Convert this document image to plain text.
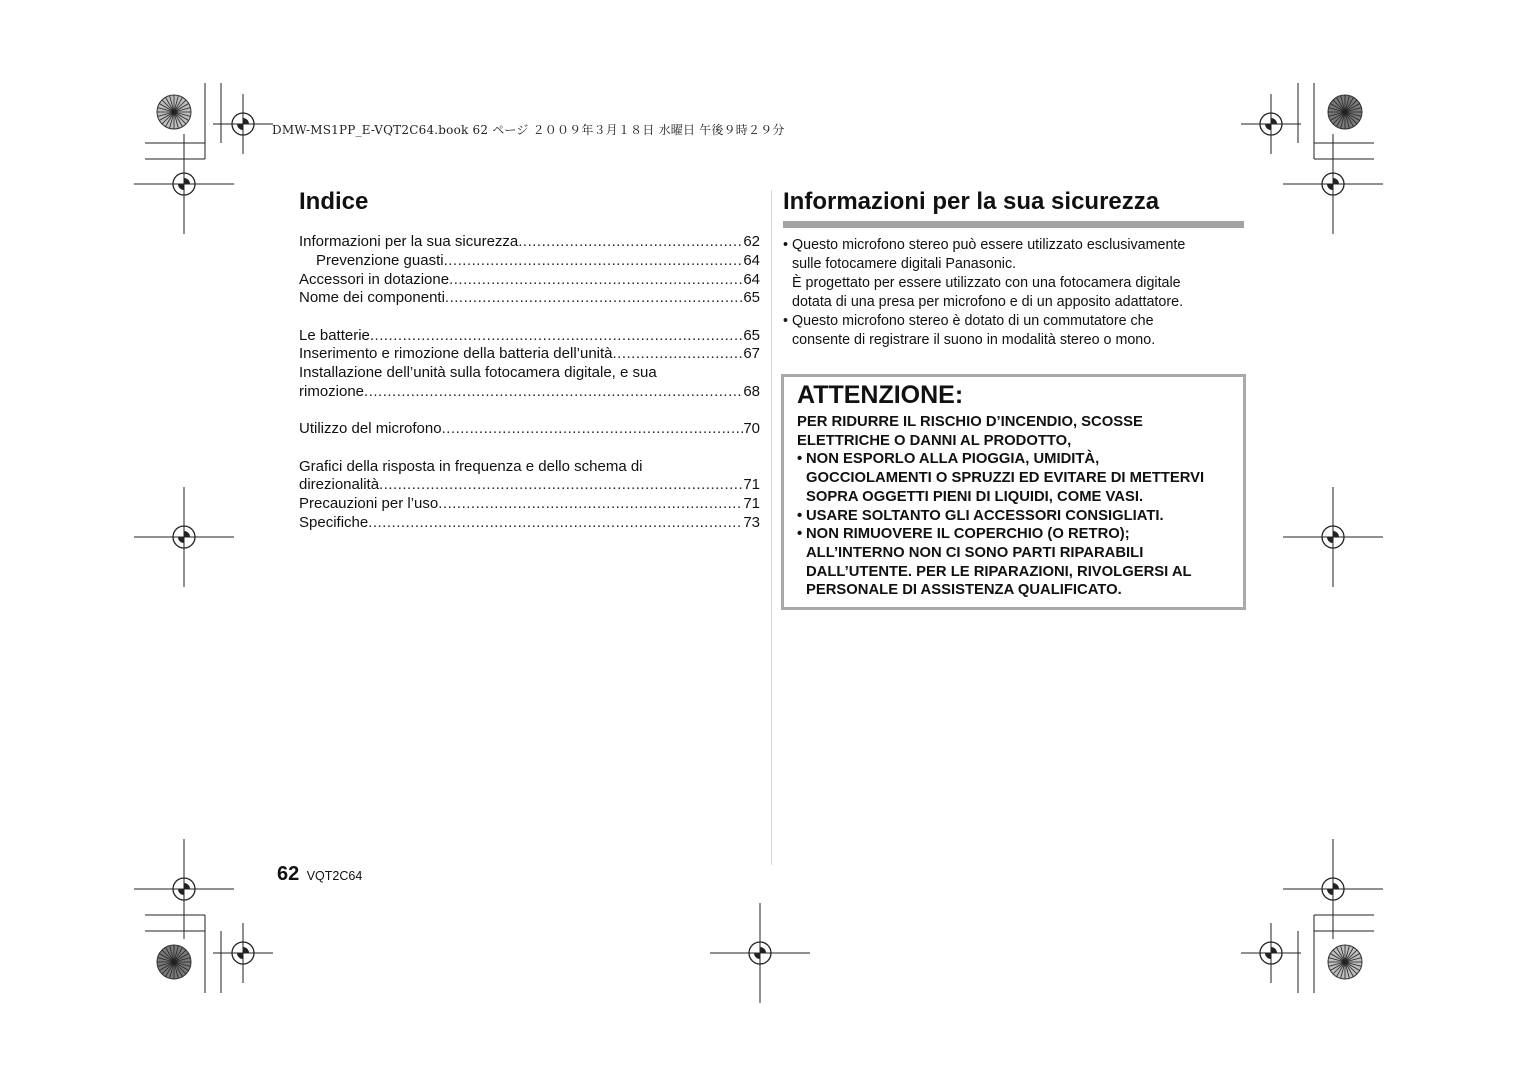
DMW-MS1PP_E-VQT2C64.book 62 ページ ２００９年３月１８日 水曜日 午後９時２９分
Indice
Informazioni per la sua sicurezza .....	62
Prevenzione guasti .....	64
Accessori in dotazione .....	64
Nome dei componenti .....	65
Le batterie .....	65
Inserimento e rimozione della batteria dell’unità .....	67
Installazione dell’unità sulla fotocamera digitale, e sua
rimozione .....	68
Utilizzo del microfono .....	70
Grafici della risposta in frequenza e dello schema di
direzionalità .....	71
Precauzioni per l’uso .....	71
Specifiche .....	73
Informazioni per la sua sicurezza

• Questo microfono stereo può essere utilizzato esclusivamente

sulle fotocamere digitali Panasonic.

È progettato per essere utilizzato con una fotocamera digitale

dotata di una presa per microfono e di un apposito adattatore.

• Questo microfono stereo è dotato di un commutatore che

consente di registrare il suono in modalità stereo o mono.

ATTENZIONE:
PER RIDURRE IL RISCHIO D’INCENDIO, SCOSSE
ELETTRICHE O DANNI AL PRODOTTO,
• NON ESPORLO ALLA PIOGGIA, UMIDITÀ,
GOCCIOLAMENTI O SPRUZZI ED EVITARE DI METTERVI
SOPRA OGGETTI PIENI DI LIQUIDI, COME VASI.
• USARE SOLTANTO GLI ACCESSORI CONSIGLIATI.
• NON RIMUOVERE IL COPERCHIO (O RETRO);
ALL’INTERNO NON CI SONO PARTI RIPARABILI
DALL’UTENTE. PER LE RIPARAZIONI, RIVOLGERSI AL
PERSONALE DI ASSISTENZA QUALIFICATO.
62 VQT2C64
